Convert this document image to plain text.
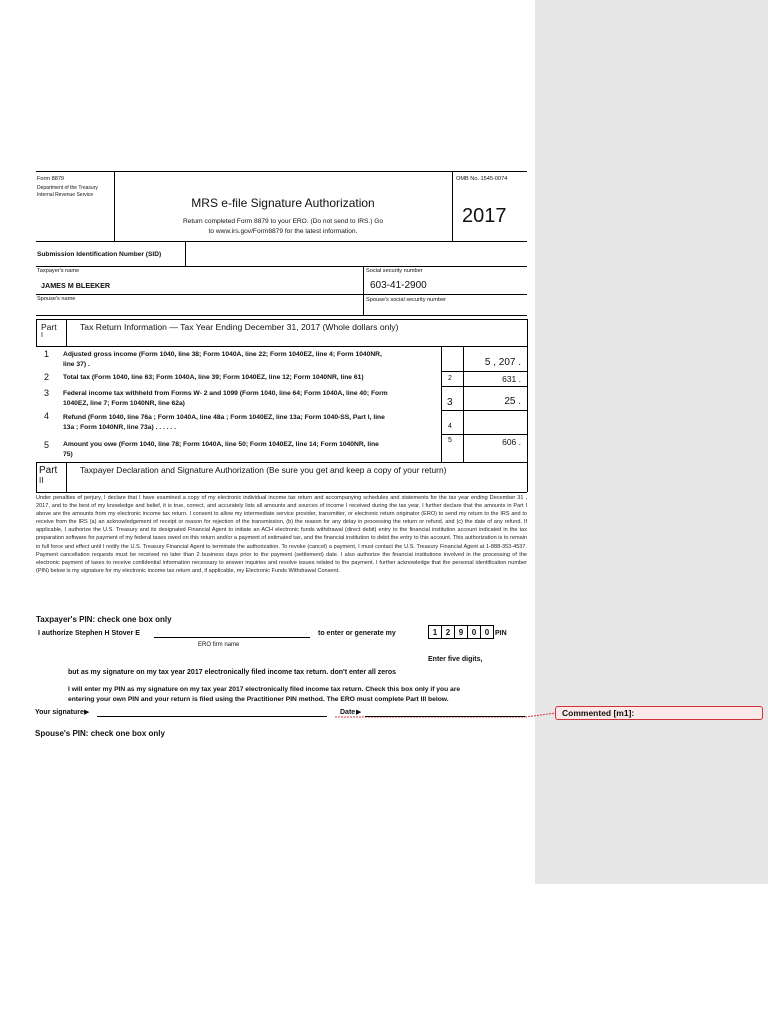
Commented [m1]:
Form 8879
Department of the Treasury
Internal Revenue Service
MRS e-file Signature Authorization
Return completed Form 8879 to your ERO. (Do not send to IRS.) Go
to www.irs.gov/Form8879 for the latest information.
OMB No. 1545-0074
2017
Submission Identification Number (SID)
Taxpayer's name
JAMES M BLEEKER
Social security number
603-41-2900
Spouse's name	Spouse's social security number
Part
I
Tax Return Information — Tax Year Ending December 31, 2017 (Whole dollars only)
1 Adjusted gross income (Form 1040, line 38; Form 1040A, line 22; Form 1040EZ, line 4; Form 1040NR,
line 37) .	5 , 207 .
2 Total tax (Form 1040, line 63; Form 1040A, line 39; Form 1040EZ, line 12; Form 1040NR, line 61)	2	631 .
3 Federal income tax withheld from Forms W- 2 and 1099 (Form 1040, line 64; Form 1040A, line 40; Form
1040EZ, line 7; Form 1040NR, line 62a)	3	25 .
4 Refund (Form 1040, line 76a ; Form 1040A, line 48a ; Form 1040EZ, line 13a; Form 1040-SS, Part I, line
13a ; Form 1040NR, line 73a) . . . . . .	4
5 Amount you owe (Form 1040, line 78; Form 1040A, line 50; Form 1040EZ, line 14; Form 1040NR, line
75)
5	606 .
Part
II
Taxpayer Declaration and Signature Authorization (Be sure you get and keep a copy of your return)
Under penalties of perjury, I declare that I have examined a copy of my electronic individual income tax return and accompanying schedules and statements for the tax year ending December 31 , 2017, and to the best of my knowledge and belief, it is true, correct, and accurately lists all amounts and sources of income I received during the tax year. I further declare that the amounts in Part I above are the amounts from my electronic income tax return. I consent to allow my intermediate service provider, transmitter, or electronic return originator (ERO) to send my return to the IRS and to receive from the IRS (a) an acknowledgement of receipt or reason for rejection of the transmission, (b) the reason for any delay in processing the return or refund, and (c) the date of any refund. If applicable, I authorize the U.S. Treasury and its designated Financial Agent to initiate an ACH electronic funds withdrawal (direct debit) entry to the financial institution account indicated in the tax preparation software for payment of my federal taxes owed on this return and/or a payment of estimated tax, and the financial institution to debit the entry to this account. This authorization is to remain in full force and effect until I notify the U.S. Treasury Financial Agent to terminate the authorization. To revoke (cancel) a payment, I must contact the U.S. Treasury Financial Agent at 1-888-353-4537. Payment cancellation requests must be received no later than 2 business days prior to the payment (settlement) date. I also authorize the financial institutions involved in the processing of the electronic payment of taxes to receive confidential information necessary to answer inquiries and resolve issues related to the payment. I further acknowledge that the personal identification number (PIN) below is my signature for my electronic income tax return and, if applicable, my Electronic Funds Withdrawal Consent.
Taxpayer's PIN: check one box only
I authorize Stephen H Stover E
ERO firm name
to enter or generate my	1	2	9	0	0 PIN
Enter five digits,
but as my signature on my tax year 2017 electronically filed income tax return. don't enter all zeros
I will enter my PIN as my signature on my tax year 2017 electronically filed income tax return. Check this box only if you are
entering your own PIN and your return is filed using the Practitioner PIN method. The ERO must complete Part III below.
Your signature ▶	Date ▶
Spouse's PIN: check one box only
